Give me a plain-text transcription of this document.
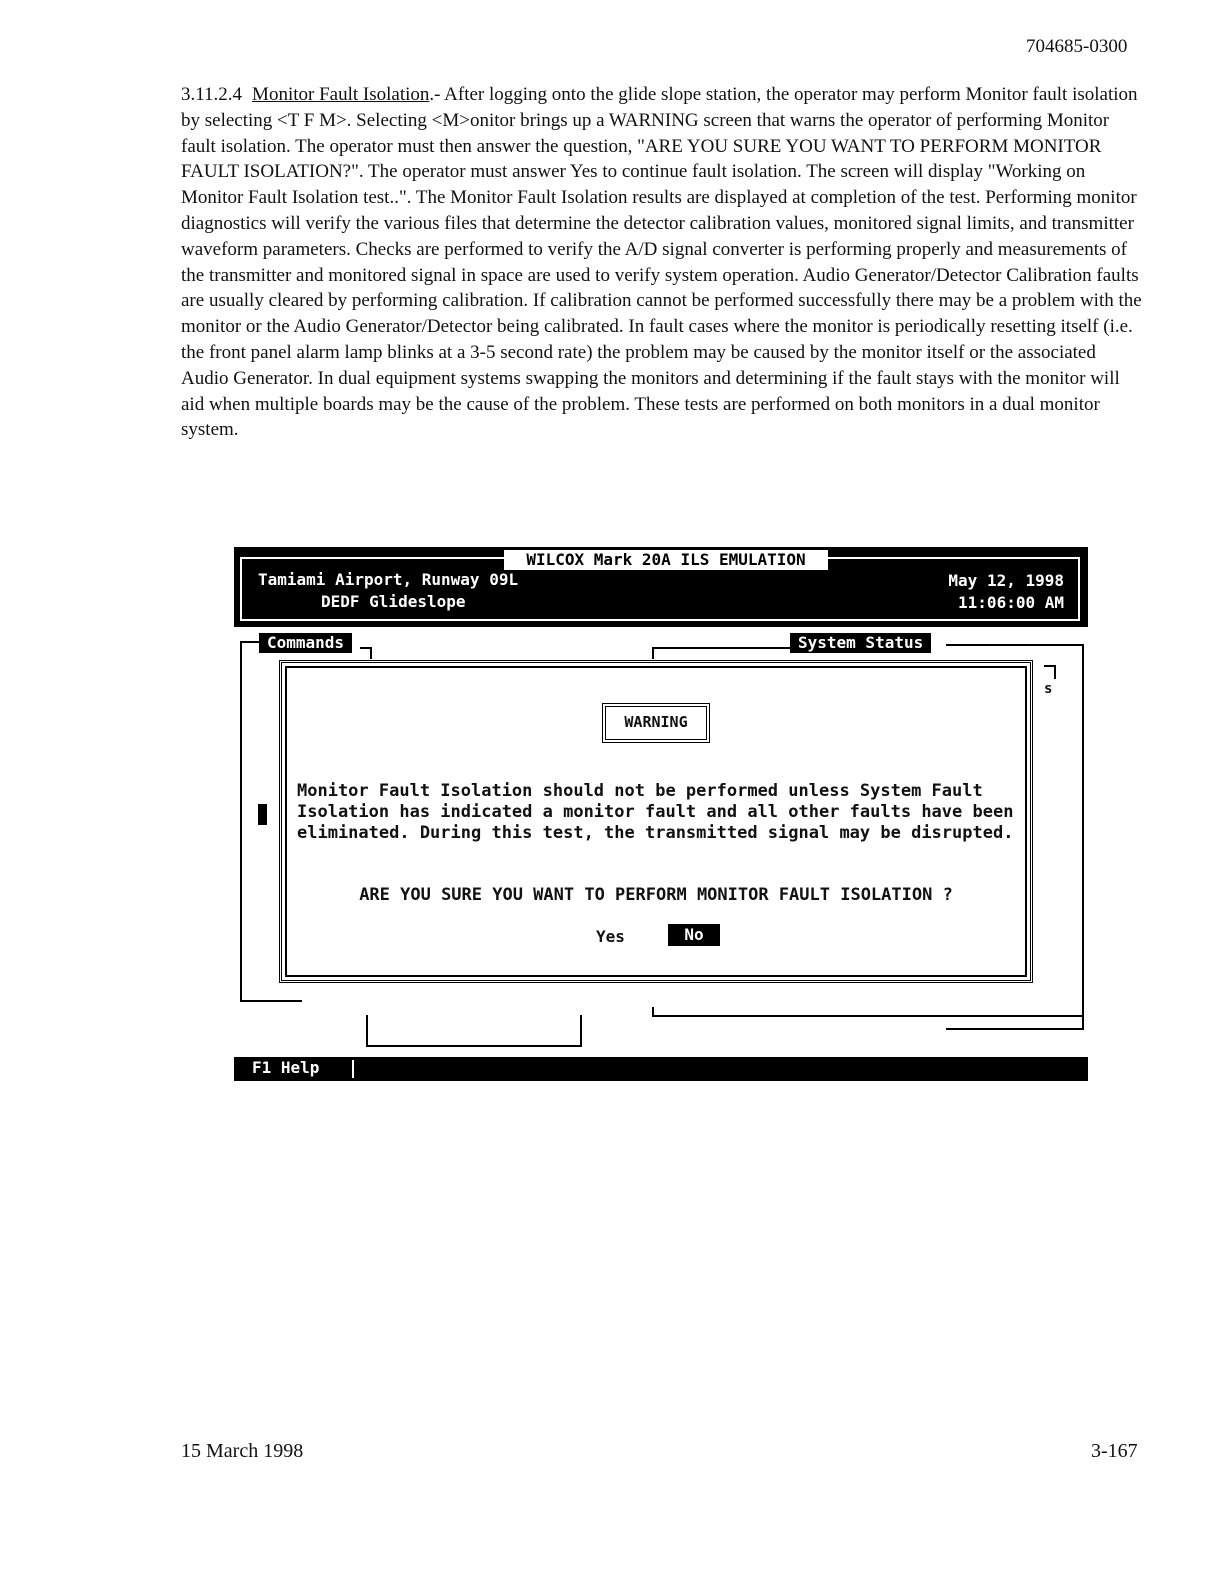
704685-0300
3.11.2.4 Monitor Fault Isolation.- After logging onto the glide slope station, the operator may perform Monitor fault isolation by selecting <T F M>. Selecting <M>onitor brings up a WARNING screen that warns the operator of performing Monitor fault isolation. The operator must then answer the question, "ARE YOU SURE YOU WANT TO PERFORM MONITOR FAULT ISOLATION?". The operator must answer Yes to continue fault isolation. The screen will display "Working on Monitor Fault Isolation test..". The Monitor Fault Isolation results are displayed at completion of the test. Performing monitor diagnostics will verify the various files that determine the detector calibration values, monitored signal limits, and transmitter waveform parameters. Checks are performed to verify the A/D signal converter is performing properly and measurements of the transmitter and monitored signal in space are used to verify system operation. Audio Generator/Detector Calibration faults are usually cleared by performing calibration. If calibration cannot be performed successfully there may be a problem with the monitor or the Audio Generator/Detector being calibrated. In fault cases where the monitor is periodically resetting itself (i.e. the front panel alarm lamp blinks at a 3-5 second rate) the problem may be caused by the monitor itself or the associated Audio Generator. In dual equipment systems swapping the monitors and determining if the fault stays with the monitor will aid when multiple boards may be the cause of the problem. These tests are performed on both monitors in a dual monitor system.
WILCOX Mark 20A ILS EMULATION
Tamiami Airport, Runway 09L
DEDF Glideslope
May 12, 1998
11:06:00 AM
Commands	System Status
s
WARNING
Monitor Fault Isolation should not be performed unless System Fault Isolation has indicated a monitor fault and all other faults have been eliminated. During this test, the transmitted signal may be disrupted.
ARE YOU SURE YOU WANT TO PERFORM MONITOR FAULT ISOLATION ?
Yes	No
F1 Help
15 March 1998	3-167
